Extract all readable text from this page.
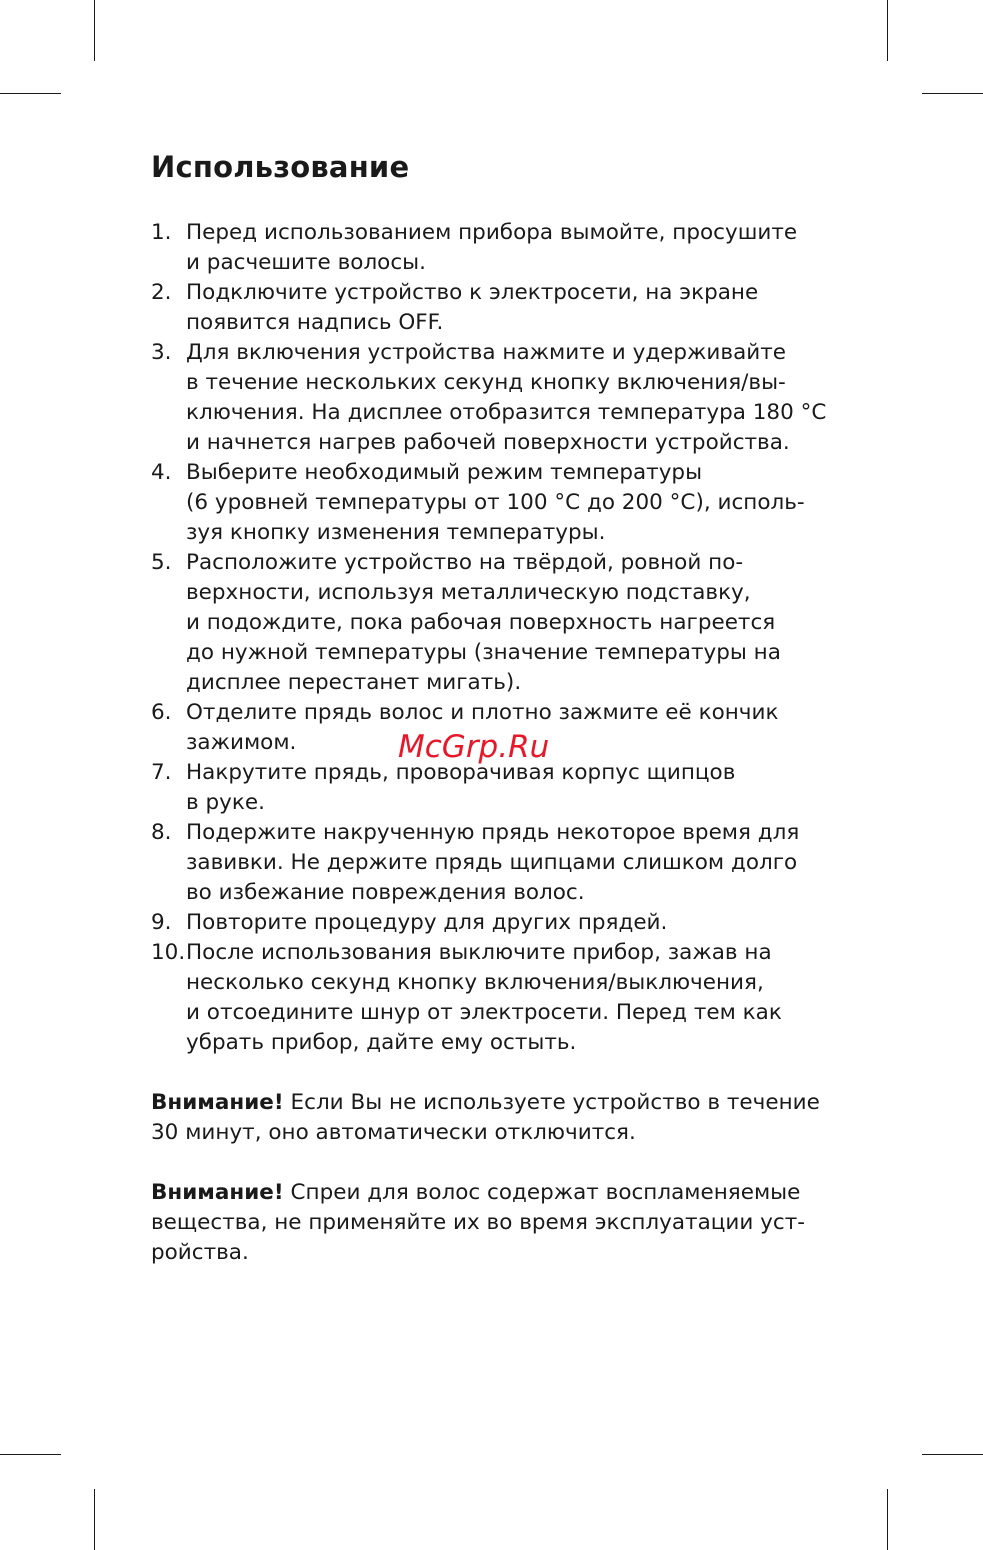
Использование
1. Перед использованием прибора вымойте, просушите
и расчешите волосы.
2. Подключите устройство к электросети, на экране
появится надпись OFF.
3. Для включения устройства нажмите и удерживайте
в течение нескольких секунд кнопку включения/вы-
ключения. На дисплее отобразится температура 180 °С
и начнется нагрев рабочей поверхности устройства.
4. Выберите необходимый режим температуры
(6 уровней температуры от 100 °С до 200 °С), исполь-
зуя кнопку изменения температуры.
5. Расположите устройство на твёрдой, ровной по-
верхности, используя металлическую подставку,
и подождите, пока рабочая поверхность нагреется
до нужной температуры (значение температуры на
дисплее перестанет мигать).
6. Отделите прядь волос и плотно зажмите её кончик
зажимом.
7. Накрутите прядь, проворачивая корпус щипцов
в руке.
8. Подержите накрученную прядь некоторое время для
завивки. Не держите прядь щипцами слишком долго
во избежание повреждения волос.
9. Повторите процедуру для других прядей.
10. После использования выключите прибор, зажав на
несколько секунд кнопку включения/выключения,
и отсоедините шнур от электросети. Перед тем как
убрать прибор, дайте ему остыть.
Внимание! Если Вы не используете устройство в течение
30 минут, оно автоматически отключится.
Внимание! Спреи для волос содержат воспламеняемые
вещества, не применяйте их во время эксплуатации уст-
ройства.
McGrp.Ru
